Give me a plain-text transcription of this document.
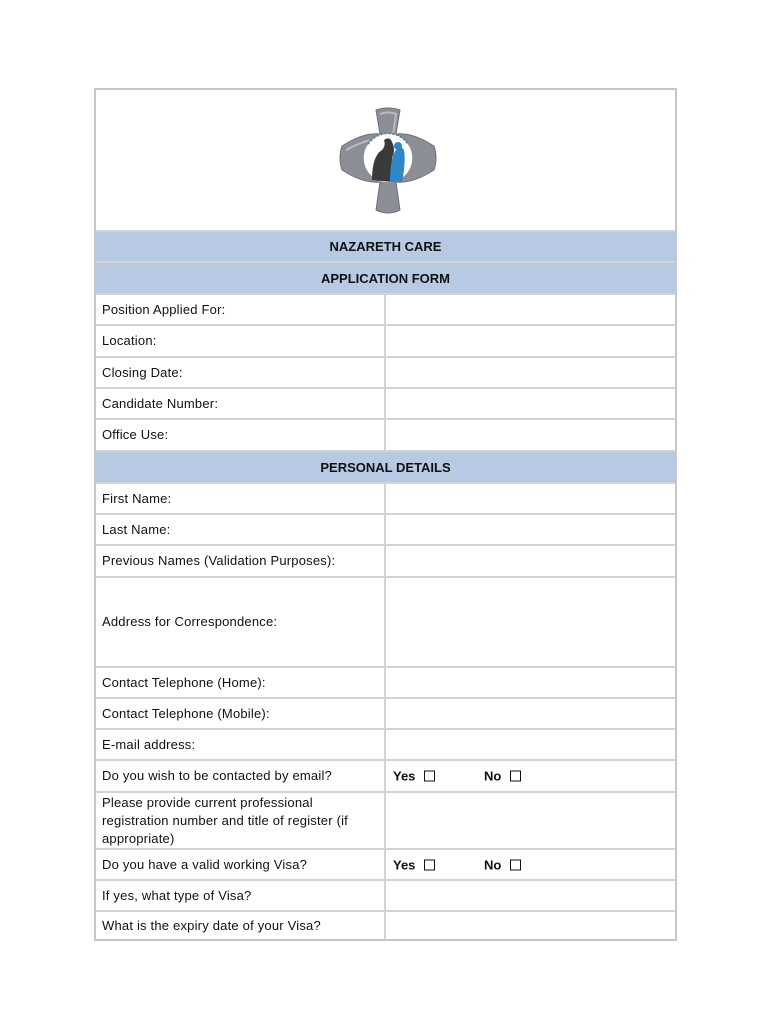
NAZARETH CARE
APPLICATION FORM
Position Applied For:
Location:
Closing Date:
Candidate Number:
Office Use:
PERSONAL DETAILS
First Name:
Last Name:
Previous Names (Validation Purposes):
Address for Correspondence:
Contact Telephone (Home):
Contact Telephone (Mobile):
E-mail address:
Do you wish to be contacted by email?	Yes	No
Please provide current professional registration number and title of register (if appropriate)
Do you have a valid working Visa?	Yes	No
If yes, what type of Visa?
What is the expiry date of your Visa?
